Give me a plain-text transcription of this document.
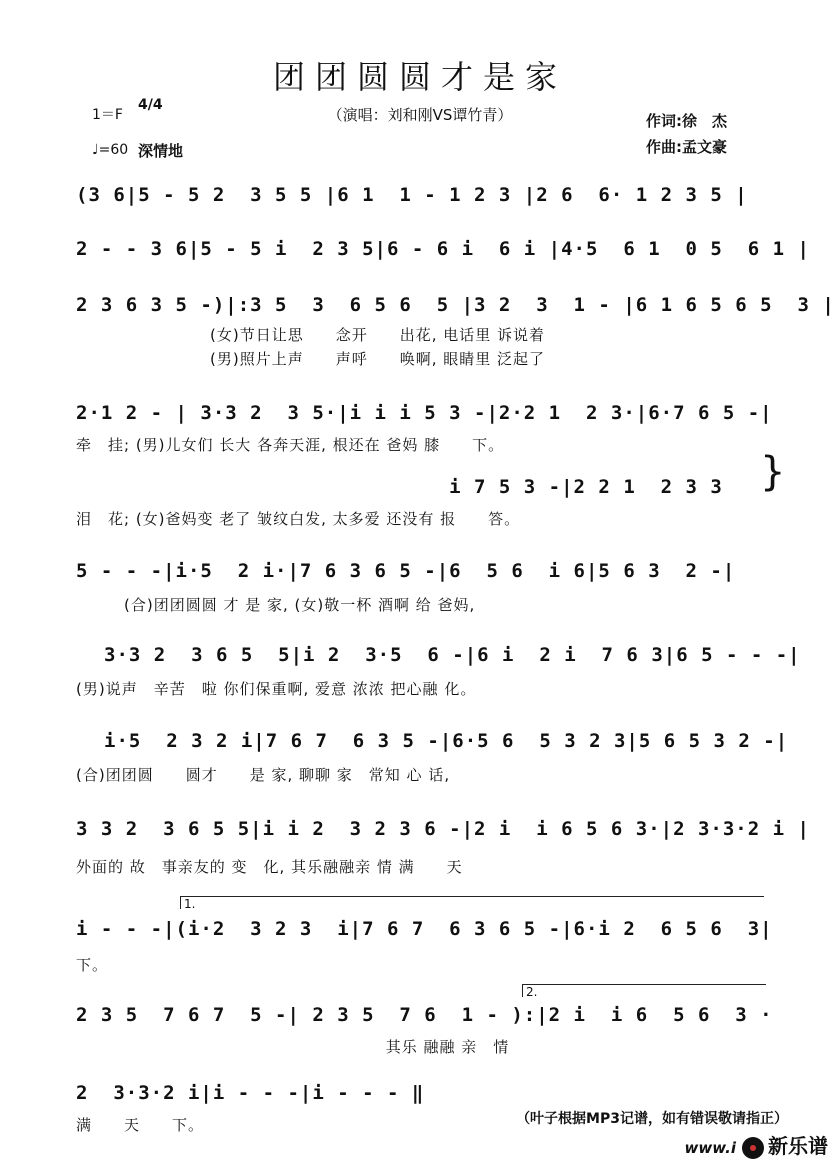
团团圆圆才是家
（演唱：刘和刚VS谭竹青）
1＝F
4/4
♩=60 深情地
作词:徐　杰
作曲:孟文豪
(3 6|5 - 5 2  3 5 5 |6 1  1 - 1 2 3 |2 6  6· 1 2 3 5 |
2 - - 3 6|5 - 5 i  2 3 5|6 - 6 i  6 i |4·5  6 1  0 5  6 1 |
2 3 6 3 5 -)|:3 5  3  6 5 6  5 |3 2  3  1 - |6 1 6 5 6 5  3 |
(女)节日让思　　念开　　出花, 电话里 诉说着
(男)照片上声　　声呼　　唤啊, 眼睛里 泛起了
2·1 2 - | 3·3 2  3 5·|i i i 5 3 -|2·2 1  2 3·|6·7 6 5 -|
牵　挂; (男)儿女们 长大 各奔天涯, 根还在 爸妈 膝　　下。
i 7 5 3 -|2 2 1  2 3 3
泪　花; (女)爸妈变 老了 皱纹白发, 太多爱 还没有 报　　答。
}
5 - - -|i·5  2 i·|7 6 3 6 5 -|6  5 6  i 6|5 6 3  2 -|
　　　(合)团团圆圆 才 是 家, (女)敬一杯 酒啊 给 爸妈,
3·3 2  3 6 5  5|i 2  3·5  6 -|6 i  2 i  7 6 3|6 5 - - -|
(男)说声　辛苦　啦 你们保重啊, 爱意 浓浓 把心融 化。
i·5  2 3 2 i|7 6 7  6 3 5 -|6·5 6  5 3 2 3|5 6 5 3 2 -|
(合)团团圆　　圆才　　是 家, 聊聊 家　常知 心 话,
3 3 2  3 6 5 5|i i 2  3 2 3 6 -|2 i  i 6 5 6 3·|2 3·3·2 i |
外面的 故　事亲友的 变　化, 其乐融融亲 情 满　　天
1.
i - - -|(i·2  3 2 3  i|7 6 7  6 3 6 5 -|6·i 2  6 5 6  3|
下。
2.
2 3 5  7 6 7  5 -| 2 3 5  7 6  1 - ):|2 i  i 6  5 6  3 ·
　　　　　　　　　　　　　　　　　　　 其乐 融融 亲　情
2  3·3·2 i|i - - -|i - - - ‖
满　　天　　下。	（叶子根据MP3记谱，如有错误敬请指正）
www.i 新乐谱
